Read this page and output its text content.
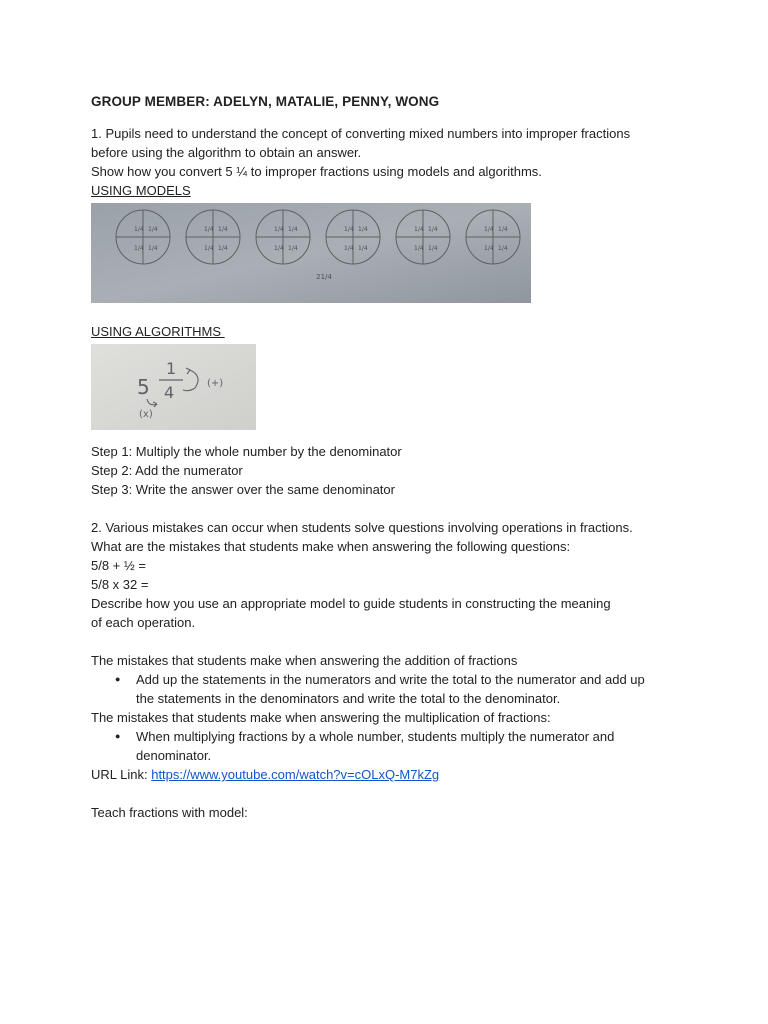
GROUP MEMBER: ADELYN, MATALIE, PENNY, WONG

1. Pupils need to understand the concept of converting mixed numbers into improper fractions

before using the algorithm to obtain an answer.

Show how you convert 5 ¼ to improper fractions using models and algorithms.

USING MODELS

1/4 1/4
1/4 1/4
1/4 1/4
1/4 1/4
1/4 1/4
1/4 1/4
1/4 1/4
1/4 1/4
1/4 1/4
1/4 1/4
1/4 1/4
1/4 1/4
21/4

USING ALGORITHMS

5
1
4	(+)
(x)

Step 1: Multiply the whole number by the denominator

Step 2: Add the numerator

Step 3: Write the answer over the same denominator

2. Various mistakes can occur when students solve questions involving operations in fractions.

What are the mistakes that students make when answering the following questions:

5/8 + ½ =

5/8 x 32 =

Describe how you use an appropriate model to guide students in constructing the meaning

of each operation.

The mistakes that students make when answering the addition of fractions

● Add up the statements in the numerators and write the total to the numerator and add up
the statements in the denominators and write the total to the denominator.

The mistakes that students make when answering the multiplication of fractions:

● When multiplying fractions by a whole number, students multiply the numerator and
denominator.

URL Link: https://www.youtube.com/watch?v=cOLxQ-M7kZg

Teach fractions with model:
